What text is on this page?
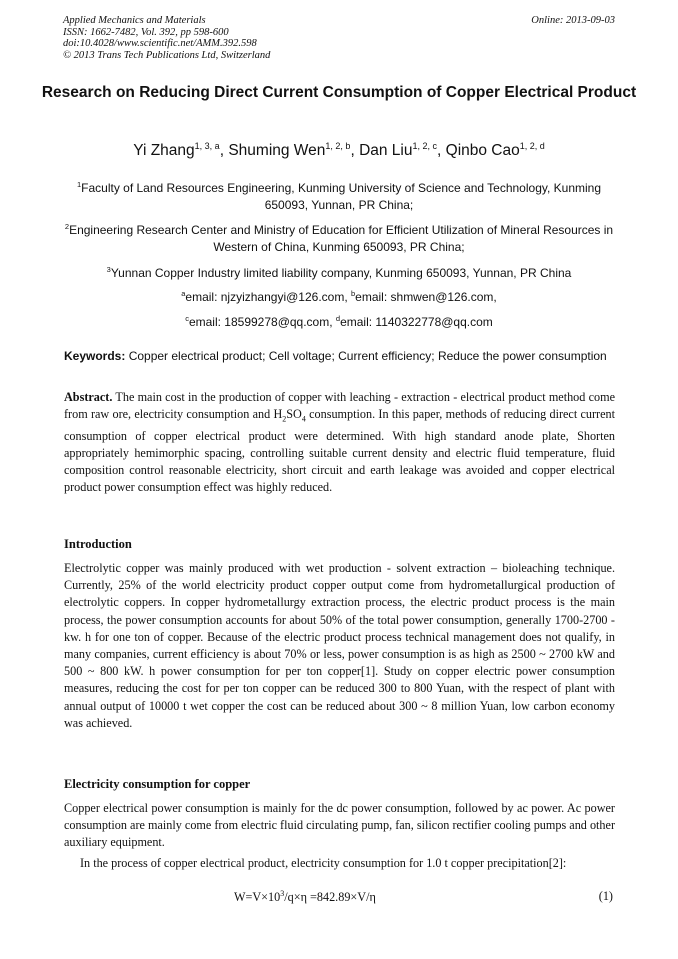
Applied Mechanics and Materials	Online: 2013-09-03
ISSN: 1662-7482, Vol. 392, pp 598-600
doi:10.4028/www.scientific.net/AMM.392.598
© 2013 Trans Tech Publications Ltd, Switzerland
Research on Reducing Direct Current Consumption of Copper Electrical Product
Yi Zhang$^{1, 3, a}$, Shuming Wen$^{1, 2, b}$, Dan Liu$^{1, 2, c}$, Qinbo Cao$^{1, 2, d}$
$^1$Faculty of Land Resources Engineering, Kunming University of Science and Technology, Kunming 650093, Yunnan, PR China;
$^2$Engineering Research Center and Ministry of Education for Efficient Utilization of Mineral Resources in Western of China, Kunming 650093, PR China;
$^3$Yunnan Copper Industry limited liability company, Kunming 650093, Yunnan, PR China
$^a$email: njzyizhangyi@126.com, $^b$email: shmwen@126.com,
$^c$email: 18599278@qq.com, $^d$email: 1140322778@qq.com
Keywords: Copper electrical product; Cell voltage; Current efficiency; Reduce the power consumption
Abstract. The main cost in the production of copper with leaching - extraction - electrical product method come from raw ore, electricity consumption and $H_2SO_4$ consumption. In this paper, methods of reducing direct current consumption of copper electrical product were determined. With high standard anode plate, Shorten appropriately hemimorphic spacing, controlling suitable current density and electric fluid temperature, fluid composition control reasonable electricity, short circuit and earth leakage was avoided and copper electrical product power consumption effect was highly reduced.
Introduction
Electrolytic copper was mainly produced with wet production - solvent extraction – bioleaching technique. Currently, 25% of the world electricity product copper output come from hydrometallurgical production of electrolytic coppers. In copper hydrometallurgy extraction process, the electric product process is the main process, the power consumption accounts for about 50% of the total power consumption, generally 1700-2700 - kw. h for one ton of copper. Because of the electric product process technical management does not qualify, in many companies, current efficiency is about 70% or less, power consumption is as high as 2500 ~ 2700 kW and 500 ~ 800 kW. h power consumption for per ton copper[1]. Study on copper electric power consumption measures, reducing the cost for per ton copper can be reduced 300 to 800 Yuan, with the respect of plant with annual output of 10000 t wet copper the cost can be reduced about 300 ~ 8 million Yuan, low carbon economy was achieved.
Electricity consumption for copper
Copper electrical power consumption is mainly for the dc power consumption, followed by ac power. Ac power consumption are mainly come from electric fluid circulating pump, fan, silicon rectifier cooling pumps and other auxiliary equipment.
In the process of copper electrical product, electricity consumption for 1.0 t copper precipitation[2]:
$W=V\times 10^3/q\times\eta =842.89\times V/\eta$	(1)
